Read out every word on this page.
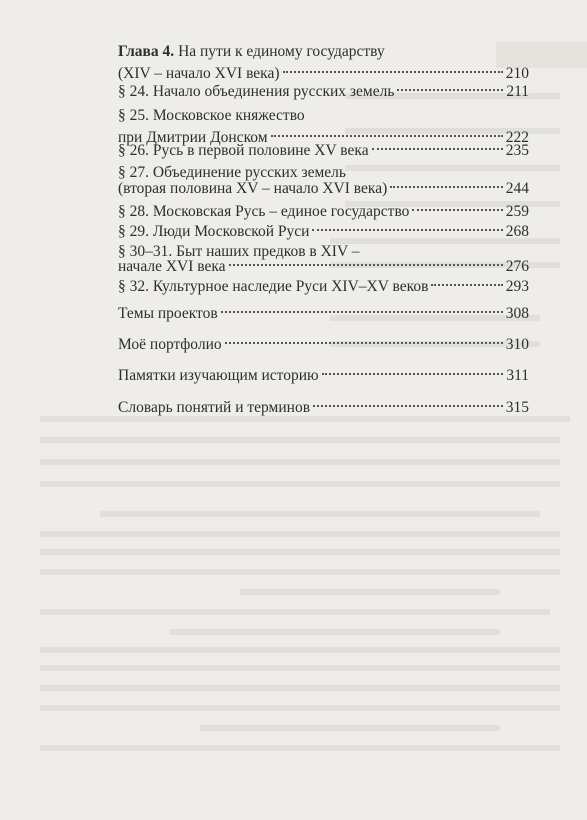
Глава 4. На пути к единому государству
(XIV – начало XVI века)	210
§ 24. Начало объединения русских земель	211
§ 25. Московское княжество
при Дмитрии Донском	222
§ 26. Русь в первой половине XV века	235
§ 27. Объединение русских земель
(вторая половина XV – начало XVI века)	244
§ 28. Московская Русь – единое государство	259
§ 29. Люди Московской Руси	268
§ 30–31. Быт наших предков в XIV –
начале XVI века	276
§ 32. Культурное наследие Руси XIV–XV веков	293
Темы проектов	308
Моё портфолио	310
Памятки изучающим историю	311
Словарь понятий и терминов	315
